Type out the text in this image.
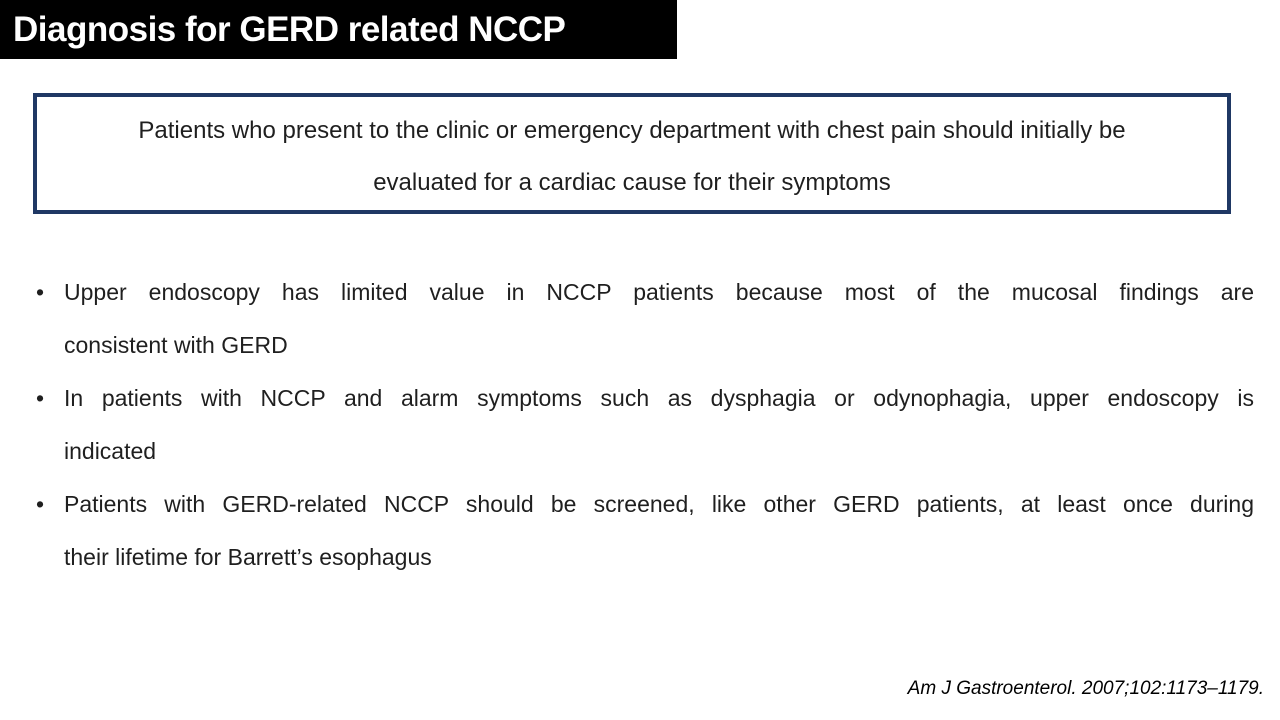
Diagnosis for GERD related NCCP
Patients who present to the clinic or emergency department with chest pain should initially be
evaluated for a cardiac cause for their symptoms
• Upper endoscopy has limited value in NCCP patients because most of the mucosal findings are
consistent with GERD
• In patients with NCCP and alarm symptoms such as dysphagia or odynophagia, upper endoscopy is
indicated
• Patients with GERD-related NCCP should be screened, like other GERD patients, at least once during
their lifetime for Barrett’s esophagus
Am J Gastroenterol. 2007;102:1173–1179.
